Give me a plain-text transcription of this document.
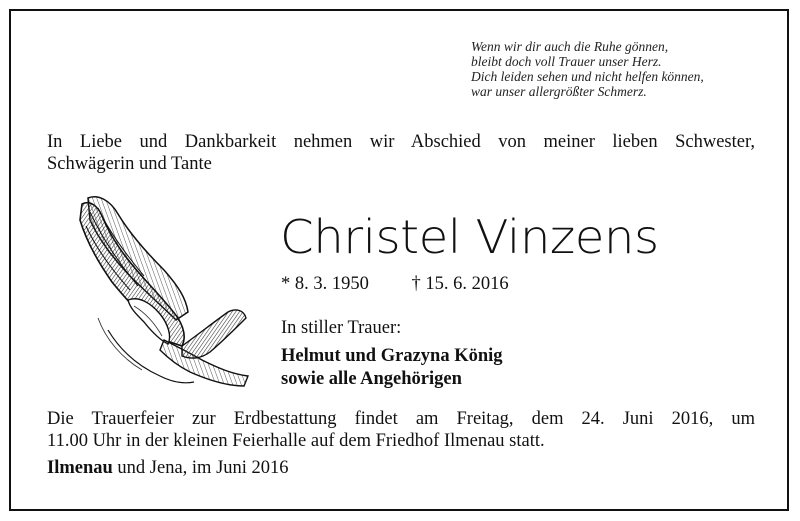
Wenn wir dir auch die Ruhe gönnen,
bleibt doch voll Trauer unser Herz.
Dich leiden sehen und nicht helfen können,
war unser allergrößter Schmerz.
In Liebe und Dankbarkeit nehmen wir Abschied von meiner lieben Schwester,
Schwägerin und Tante
Christel Vinzens
* 8. 3. 1950 † 15. 6. 2016
In stiller Trauer:
Helmut und Grazyna König
sowie alle Angehörigen
Die Trauerfeier zur Erdbestattung findet am Freitag, dem 24. Juni 2016, um
11.00 Uhr in der kleinen Feierhalle auf dem Friedhof Ilmenau statt.
Ilmenau und Jena, im Juni 2016
